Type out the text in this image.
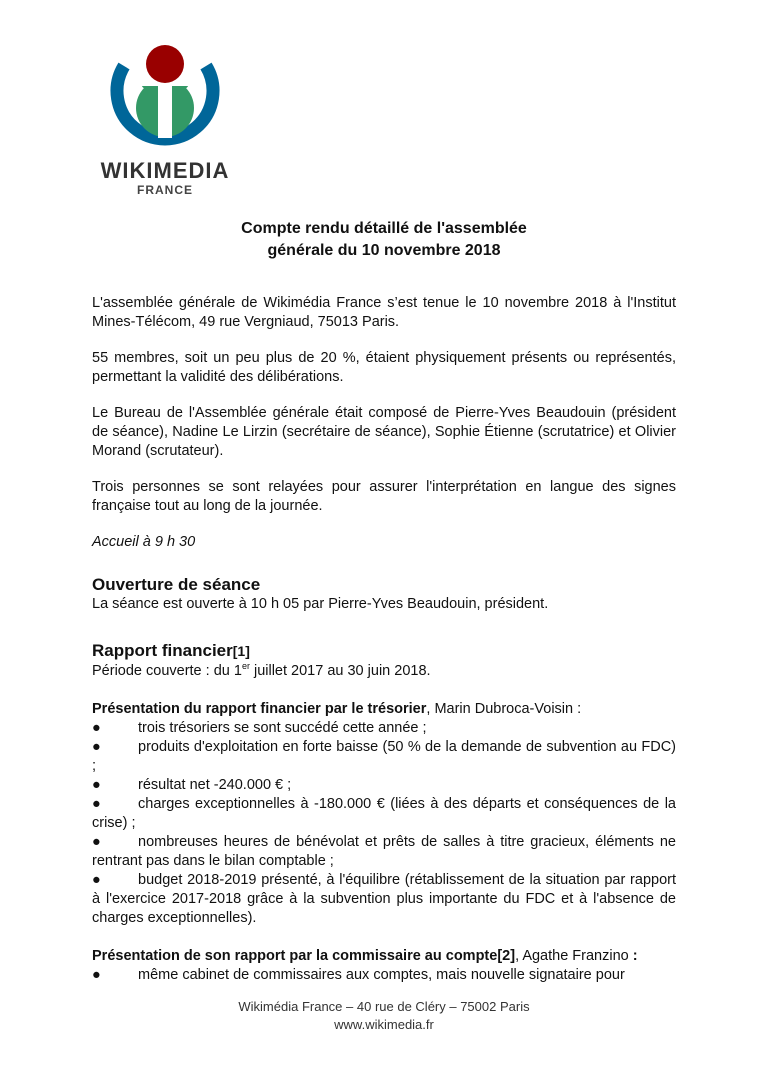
WIKIMEDIA
FRANCE
Compte rendu détaillé de l'assemblée
générale du 10 novembre 2018

L'assemblée générale de Wikimédia France s’est tenue le 10 novembre 2018 à l'Institut Mines-Télécom, 49 rue Vergniaud, 75013 Paris.

55 membres, soit un peu plus de 20 %, étaient physiquement présents ou représentés, permettant la validité des délibérations.

Le Bureau de l'Assemblée générale était composé de Pierre-Yves Beaudouin (président de séance), Nadine Le Lirzin (secrétaire de séance), Sophie Étienne (scrutatrice) et Olivier Morand (scrutateur).

Trois personnes se sont relayées pour assurer l'interprétation en langue des signes française tout au long de la journée.

Accueil à 9 h 30

Ouverture de séance

La séance est ouverte à 10 h 05 par Pierre-Yves Beaudouin, président.

Rapport financier[1]

Période couverte : du 1er juillet 2017 au 30 juin 2018.

Présentation du rapport financier par le trésorier, Marin Dubroca-Voisin :

●	trois trésoriers se sont succédé cette année ;
●	produits d'exploitation en forte baisse (50 % de la demande de subvention au FDC) ;
●	résultat net -240.000 € ;
●	charges exceptionnelles à -180.000 € (liées à des départs et conséquences de la crise) ;
●	nombreuses heures de bénévolat et prêts de salles à titre gracieux, éléments ne rentrant pas dans le bilan comptable ;
●	budget 2018-2019 présenté, à l'équilibre (rétablissement de la situation par rapport à l'exercice 2017-2018 grâce à la subvention plus importante du FDC et à l'absence de charges exceptionnelles).

Présentation de son rapport par la commissaire au compte[2], Agathe Franzino :

●	même cabinet de commissaires aux comptes, mais nouvelle signataire pour
Wikimédia France – 40 rue de Cléry – 75002 Paris
www.wikimedia.fr
